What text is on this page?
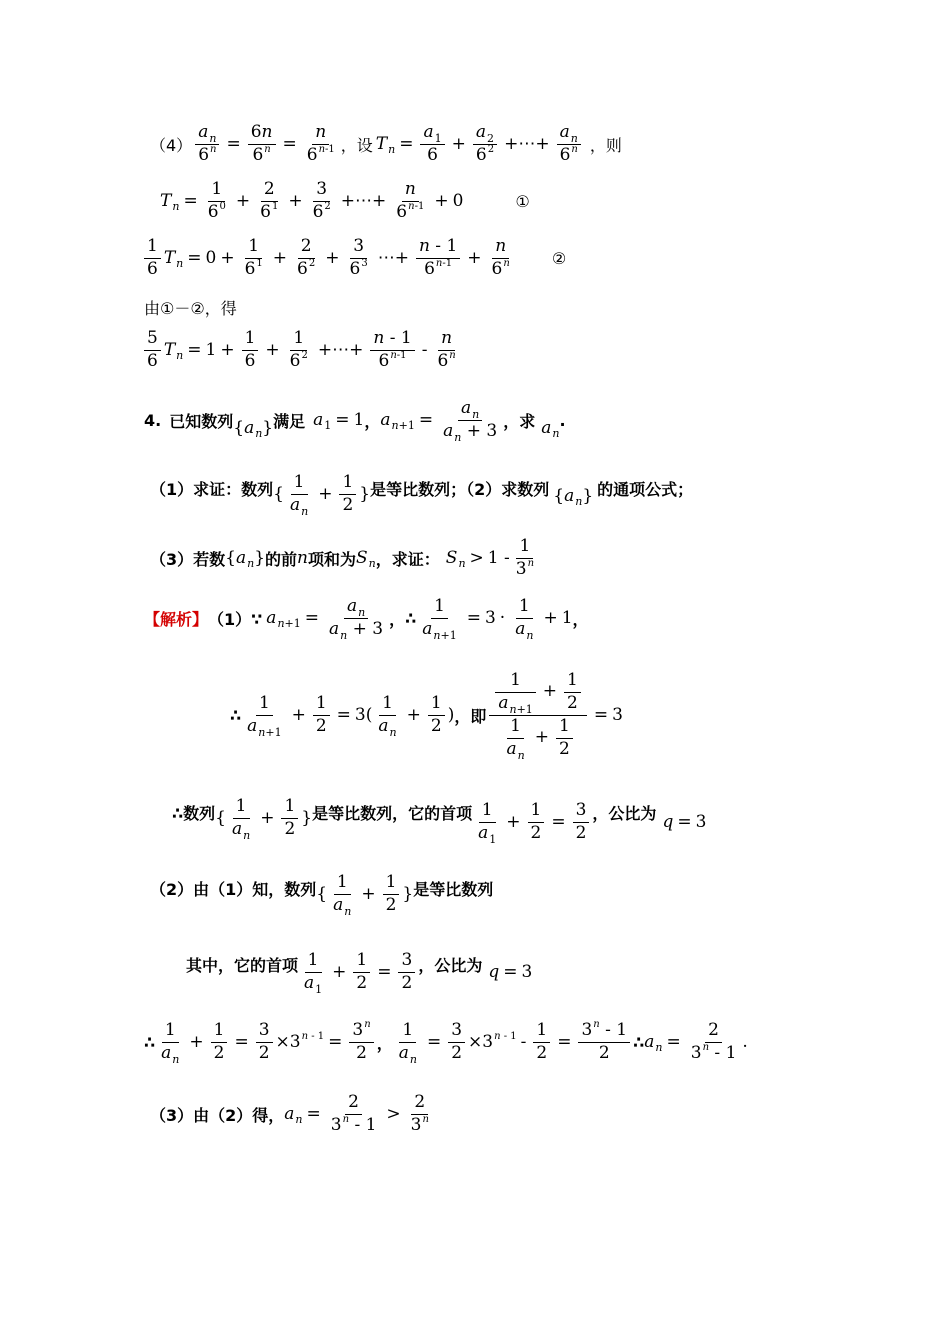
$(4) \frac{a_n}{6^n} = \frac{6n}{6^n} = \frac{n}{6^{n-1}}$ ，设 T $n = \frac{a_1}{6} + \frac{a_2}{6^2}$ +⋯+ $\frac{a_n}{6^n}$ ，则
T $n = \frac{1}{6^0} + \frac{2}{6^1} + \frac{3}{6^2}$ +⋯+ $\frac{n}{6^{n-1}} + 0$	①
$\frac{1}{6}$ T $n = 0 + \frac{1}{6^1} + \frac{2}{6^2} + \frac{3}{6^3}$ ⋯+ $\frac{n - 1}{6^{n-1}} + \frac{n}{6^n}$ ②
由①－②，得
$\frac{5}{6}$ T $n = 1 + \frac{1}{6} + \frac{1}{6^2}$ +⋯+ $\frac{n - 1}{6^{n-1}} - \frac{n}{6^n}$
4. 已知数列 { a n } 满足 a 1 = 1 ， a $n+1 = \frac{a_n}{a_n + 3}$ ， 求 a n
.
（1）求证：数列 { $\frac{1}{a_n} + \frac{1}{2}$ } 是等比数列；（2）求数列 { a n } 的通项公式；
（3）若数 { a n } 的前 n 项和为 S n ，求证： S $n > 1 - \frac{1}{3^n}$
【解析】 （1）∵ a $n+1 = \frac{a_n}{a_n + 3}$ ， ∴ $\frac{1}{a_{n+1}} = 3 \cdot \frac{1}{a_n} + 1$ ，
∴ $\frac{1}{a_{n+1}} + \frac{1}{2} = 3( \frac{1}{a_n} + \frac{1}{2}$ ) ，即 $\frac{\frac{1}{a_{n+1}} + \frac{1}{2}}{\frac{1}{a_n} + \frac{1}{2}} = 3$
∴数列 { $\frac{1}{a_n} + \frac{1}{2}$ } 是等比数列，它的首项 $\frac{1}{a_1} + \frac{1}{2} = \frac{3}{2}$ ，公比为 q = 3
（2）由（1）知，数列 { $\frac{1}{a_n} + \frac{1}{2}$ } 是等比数列
其中，它的首项 $\frac{1}{a_1} + \frac{1}{2} = \frac{3}{2}$ ，公比为 q = 3
∴ $\frac{1}{a_n} + \frac{1}{2} = \frac{3}{2} \times 3^{n - 1} = \frac{3^n}{2}$ ， $\frac{1}{a_n} = \frac{3}{2} \times 3^{n - 1} - \frac{1}{2} = \frac{3^n - 1}{2}$ ∴ a $n = \frac{2}{3^n - 1}$ .
（3）由（2）得， a $n = \frac{2}{3^n - 1} > \frac{2}{3^n}$
